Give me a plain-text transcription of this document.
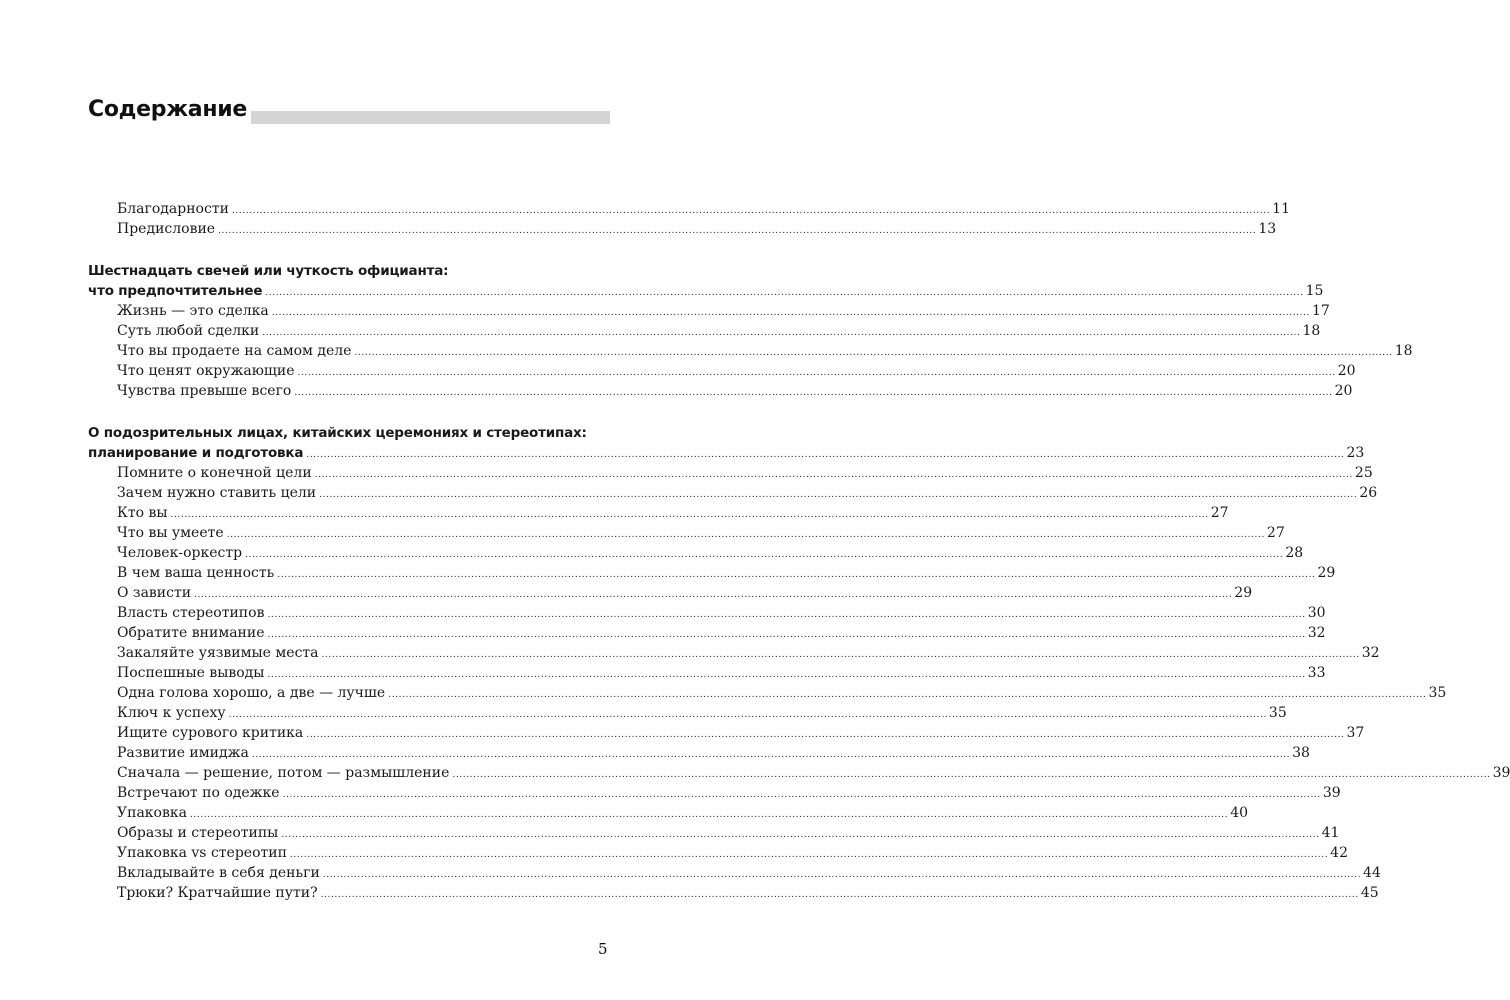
Содержание
Благодарности ............................................................................................................................................................................................................................................................................................................ 11
Предисловие ............................................................................................................................................................................................................................................................................................................ 13
Шестнадцать свечей или чуткость официанта:
что предпочтительнее ............................................................................................................................................................................................................................................................................................................ 15
Жизнь — это сделка ............................................................................................................................................................................................................................................................................................................ 17
Суть любой сделки ............................................................................................................................................................................................................................................................................................................ 18
Что вы продаете на самом деле ............................................................................................................................................................................................................................................................................................................ 18
Что ценят окружающие ............................................................................................................................................................................................................................................................................................................ 20
Чувства превыше всего ............................................................................................................................................................................................................................................................................................................ 20
О подозрительных лицах, китайских церемониях и стереотипах:
планирование и подготовка ............................................................................................................................................................................................................................................................................................................ 23
Помните о конечной цели ............................................................................................................................................................................................................................................................................................................ 25
Зачем нужно ставить цели ............................................................................................................................................................................................................................................................................................................ 26
Кто вы ............................................................................................................................................................................................................................................................................................................ 27
Что вы умеете ............................................................................................................................................................................................................................................................................................................ 27
Человек-оркестр ............................................................................................................................................................................................................................................................................................................ 28
В чем ваша ценность ............................................................................................................................................................................................................................................................................................................ 29
О зависти ............................................................................................................................................................................................................................................................................................................ 29
Власть стереотипов ............................................................................................................................................................................................................................................................................................................ 30
Обратите внимание ............................................................................................................................................................................................................................................................................................................ 32
Закаляйте уязвимые места ............................................................................................................................................................................................................................................................................................................ 32
Поспешные выводы ............................................................................................................................................................................................................................................................................................................ 33
Одна голова хорошо, а две — лучше ............................................................................................................................................................................................................................................................................................................ 35
Ключ к успеху ............................................................................................................................................................................................................................................................................................................ 35
Ищите сурового критика ............................................................................................................................................................................................................................................................................................................ 37
Развитие имиджа ............................................................................................................................................................................................................................................................................................................ 38
Сначала — решение, потом — размышление ............................................................................................................................................................................................................................................................................................................ 39
Встречают по одежке ............................................................................................................................................................................................................................................................................................................ 39
Упаковка ............................................................................................................................................................................................................................................................................................................ 40
Образы и стереотипы ............................................................................................................................................................................................................................................................................................................ 41
Упаковка vs стереотип ............................................................................................................................................................................................................................................................................................................ 42
Вкладывайте в себя деньги ............................................................................................................................................................................................................................................................................................................ 44
Трюки? Кратчайшие пути? ............................................................................................................................................................................................................................................................................................................ 45
5
